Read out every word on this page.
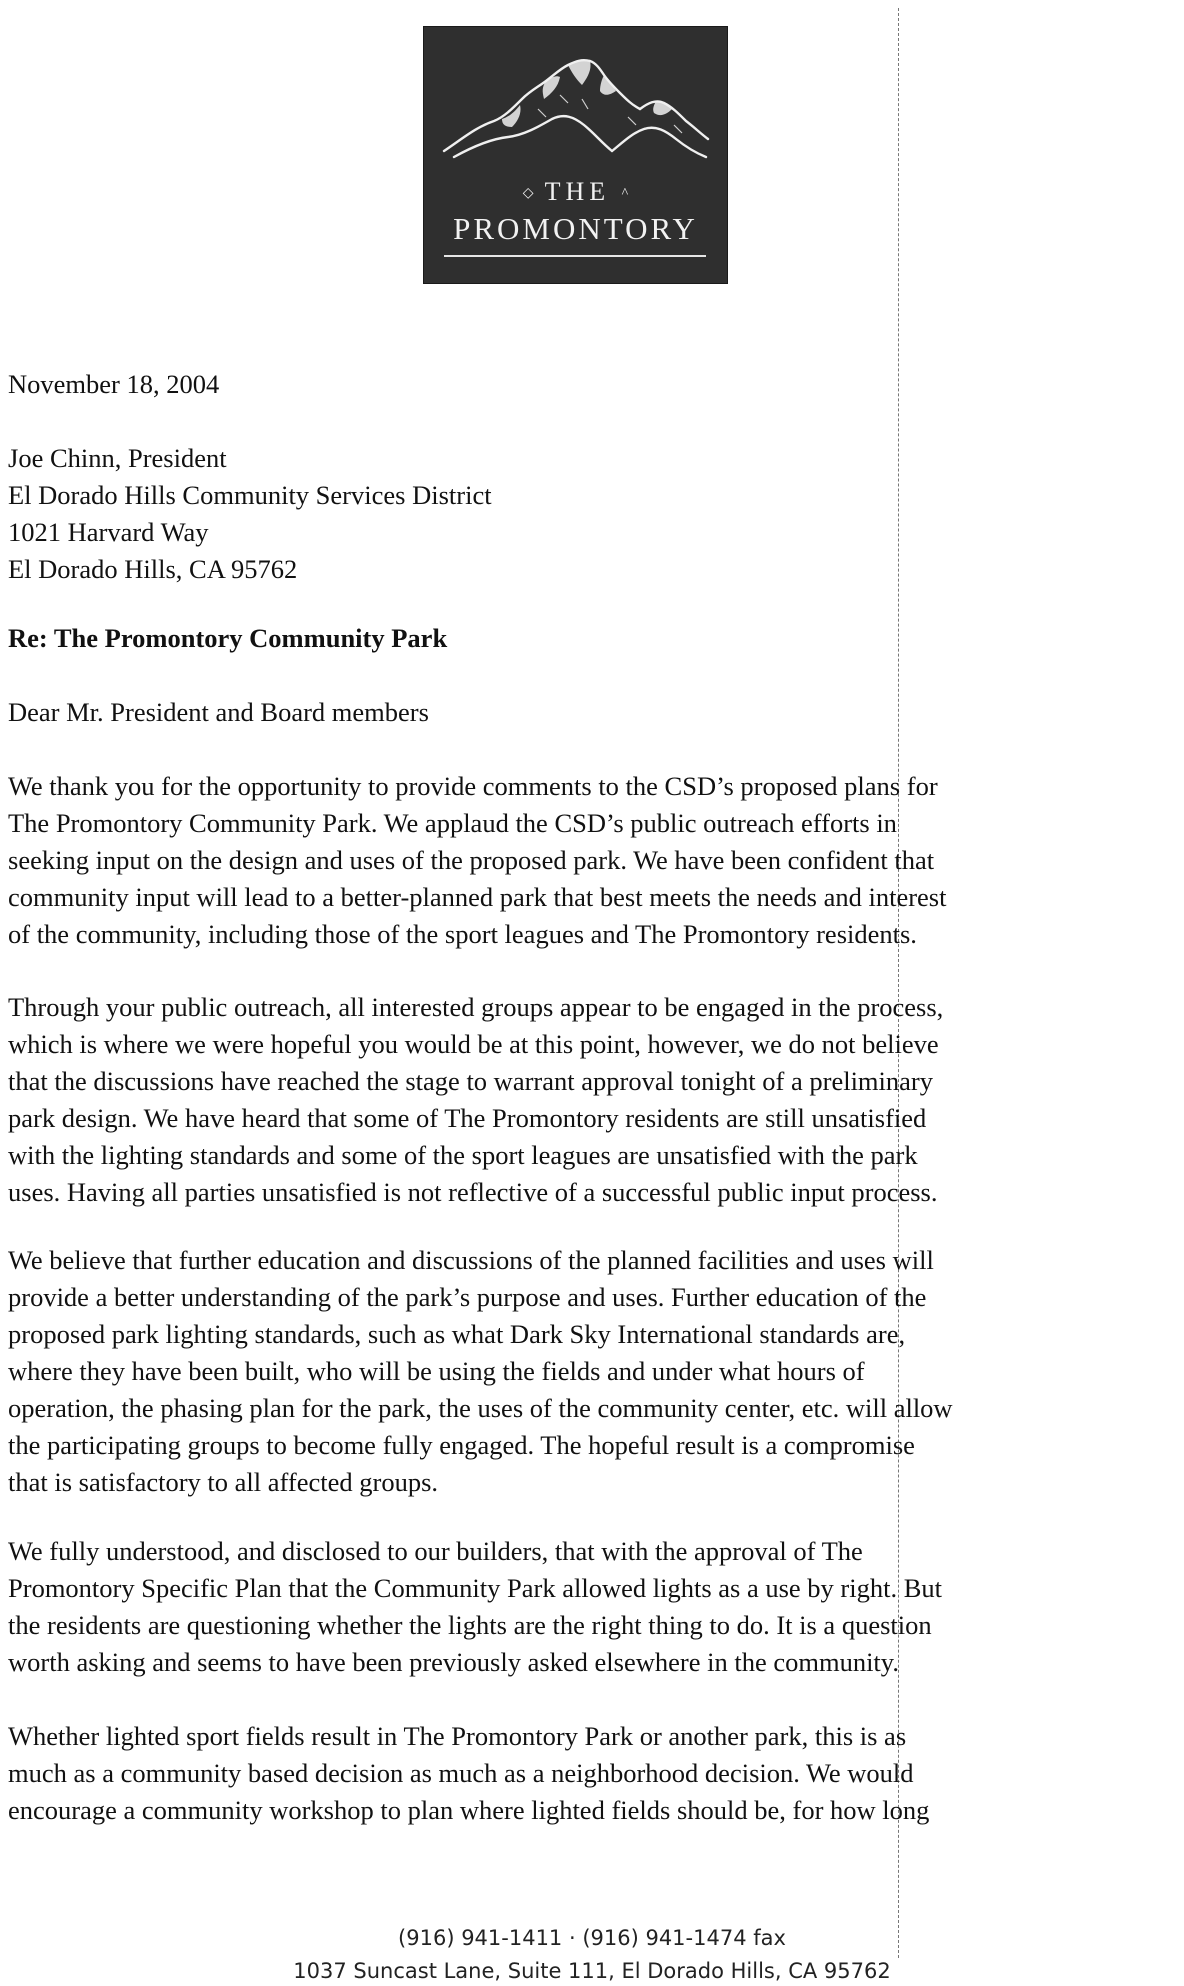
◇ THE ^
PROMONTORY
November 18, 2004
Joe Chinn, President
El Dorado Hills Community Services District
1021 Harvard Way
El Dorado Hills, CA 95762
Re: The Promontory Community Park
Dear Mr. President and Board members
We thank you for the opportunity to provide comments to the CSD’s proposed plans for
The Promontory Community Park. We applaud the CSD’s public outreach efforts in
seeking input on the design and uses of the proposed park. We have been confident that
community input will lead to a better-planned park that best meets the needs and interest
of the community, including those of the sport leagues and The Promontory residents.
Through your public outreach, all interested groups appear to be engaged in the process,
which is where we were hopeful you would be at this point, however, we do not believe
that the discussions have reached the stage to warrant approval tonight of a preliminary
park design. We have heard that some of The Promontory residents are still unsatisfied
with the lighting standards and some of the sport leagues are unsatisfied with the park
uses. Having all parties unsatisfied is not reflective of a successful public input process.
We believe that further education and discussions of the planned facilities and uses will
provide a better understanding of the park’s purpose and uses. Further education of the
proposed park lighting standards, such as what Dark Sky International standards are,
where they have been built, who will be using the fields and under what hours of
operation, the phasing plan for the park, the uses of the community center, etc. will allow
the participating groups to become fully engaged. The hopeful result is a compromise
that is satisfactory to all affected groups.
We fully understood, and disclosed to our builders, that with the approval of The
Promontory Specific Plan that the Community Park allowed lights as a use by right. But
the residents are questioning whether the lights are the right thing to do. It is a question
worth asking and seems to have been previously asked elsewhere in the community.
Whether lighted sport fields result in The Promontory Park or another park, this is as
much as a community based decision as much as a neighborhood decision. We would
encourage a community workshop to plan where lighted fields should be, for how long
(916) 941-1411 · (916) 941-1474 fax
1037 Suncast Lane, Suite 111, El Dorado Hills, CA 95762
